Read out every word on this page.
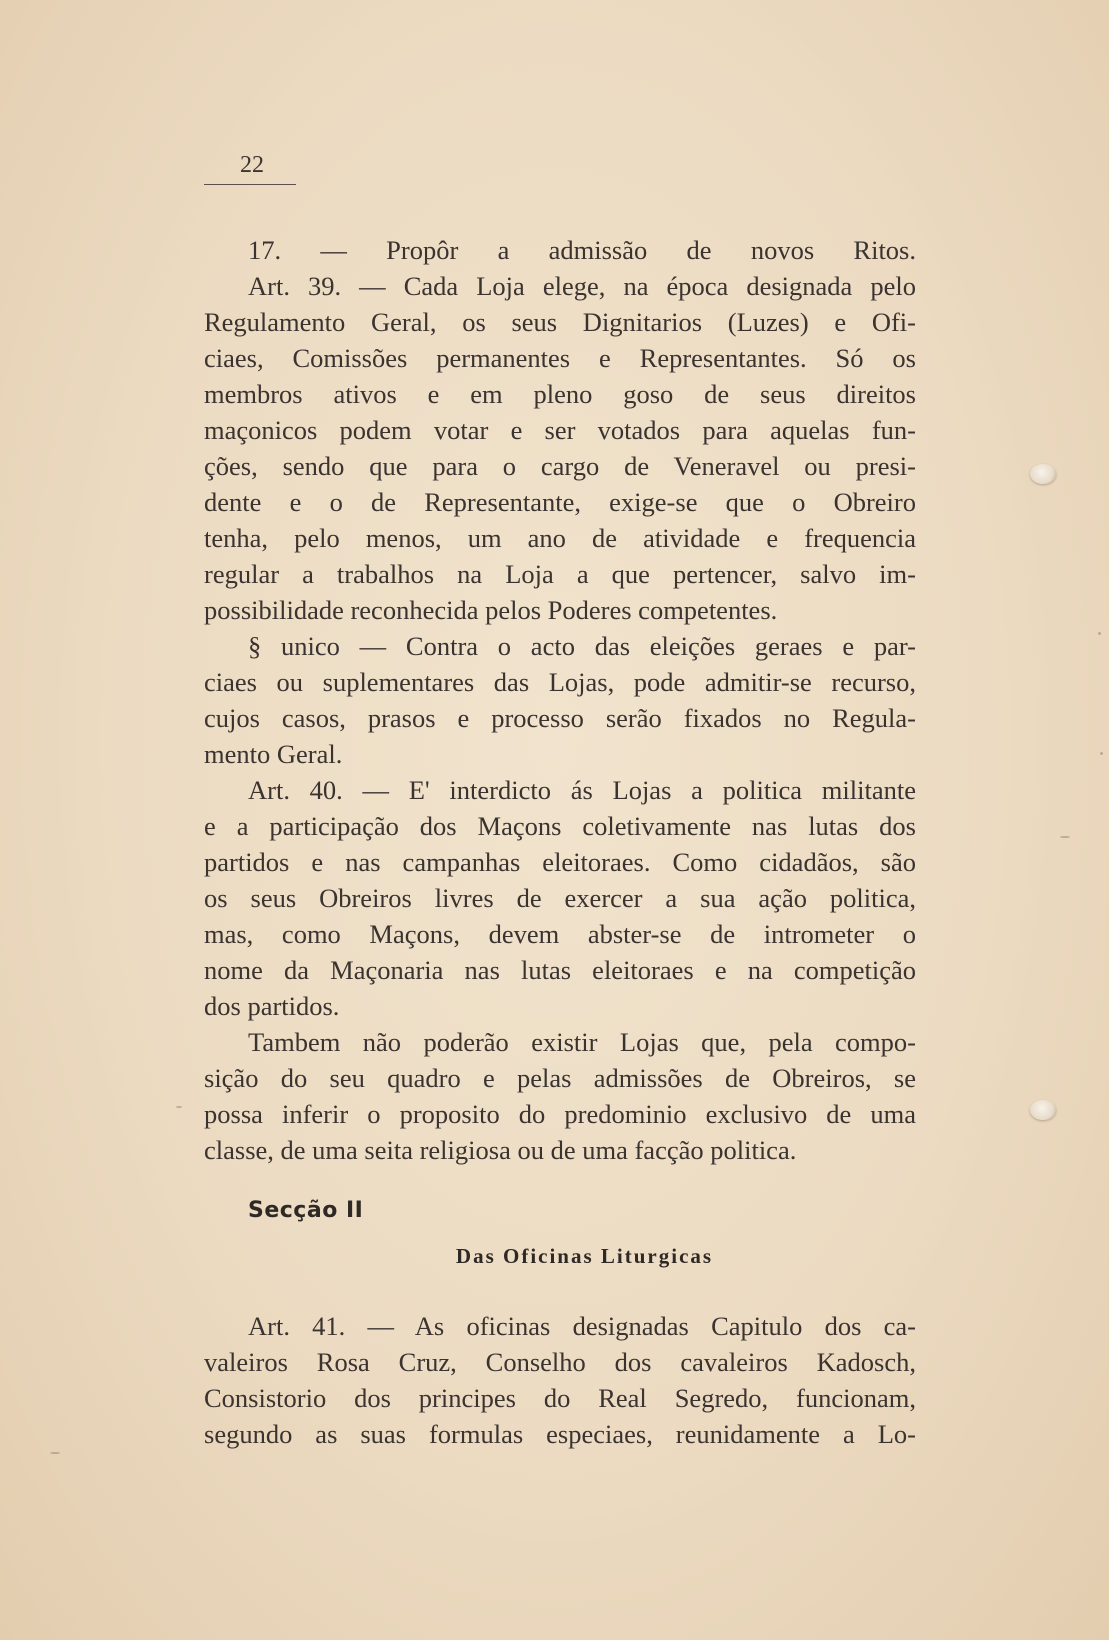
22
17. — Propôr a admissão de novos Ritos.
Art. 39. — Cada Loja elege, na época designada pelo
Regulamento Geral, os seus Dignitarios (Luzes) e Ofi-
ciaes, Comissões permanentes e Representantes. Só os
membros ativos e em pleno goso de seus direitos
maçonicos podem votar e ser votados para aquelas fun-
ções, sendo que para o cargo de Veneravel ou presi-
dente e o de Representante, exige-se que o Obreiro
tenha, pelo menos, um ano de atividade e frequencia
regular a trabalhos na Loja a que pertencer, salvo im-
possibilidade reconhecida pelos Poderes competentes.
§ unico — Contra o acto das eleições geraes e par-
ciaes ou suplementares das Lojas, pode admitir-se recurso,
cujos casos, prasos e processo serão fixados no Regula-
mento Geral.
Art. 40. — E' interdicto ás Lojas a politica militante
e a participação dos Maçons coletivamente nas lutas dos
partidos e nas campanhas eleitoraes. Como cidadãos, são
os seus Obreiros livres de exercer a sua ação politica,
mas, como Maçons, devem abster-se de intrometer o
nome da Maçonaria nas lutas eleitoraes e na competição
dos partidos.
Tambem não poderão existir Lojas que, pela compo-
sição do seu quadro e pelas admissões de Obreiros, se
possa inferir o proposito do predominio exclusivo de uma
classe, de uma seita religiosa ou de uma facção politica.
Secção II
Das Oficinas Liturgicas
Art. 41. — As oficinas designadas Capitulo dos ca-
valeiros Rosa Cruz, Conselho dos cavaleiros Kadosch,
Consistorio dos principes do Real Segredo, funcionam,
segundo as suas formulas especiaes, reunidamente a Lo-
